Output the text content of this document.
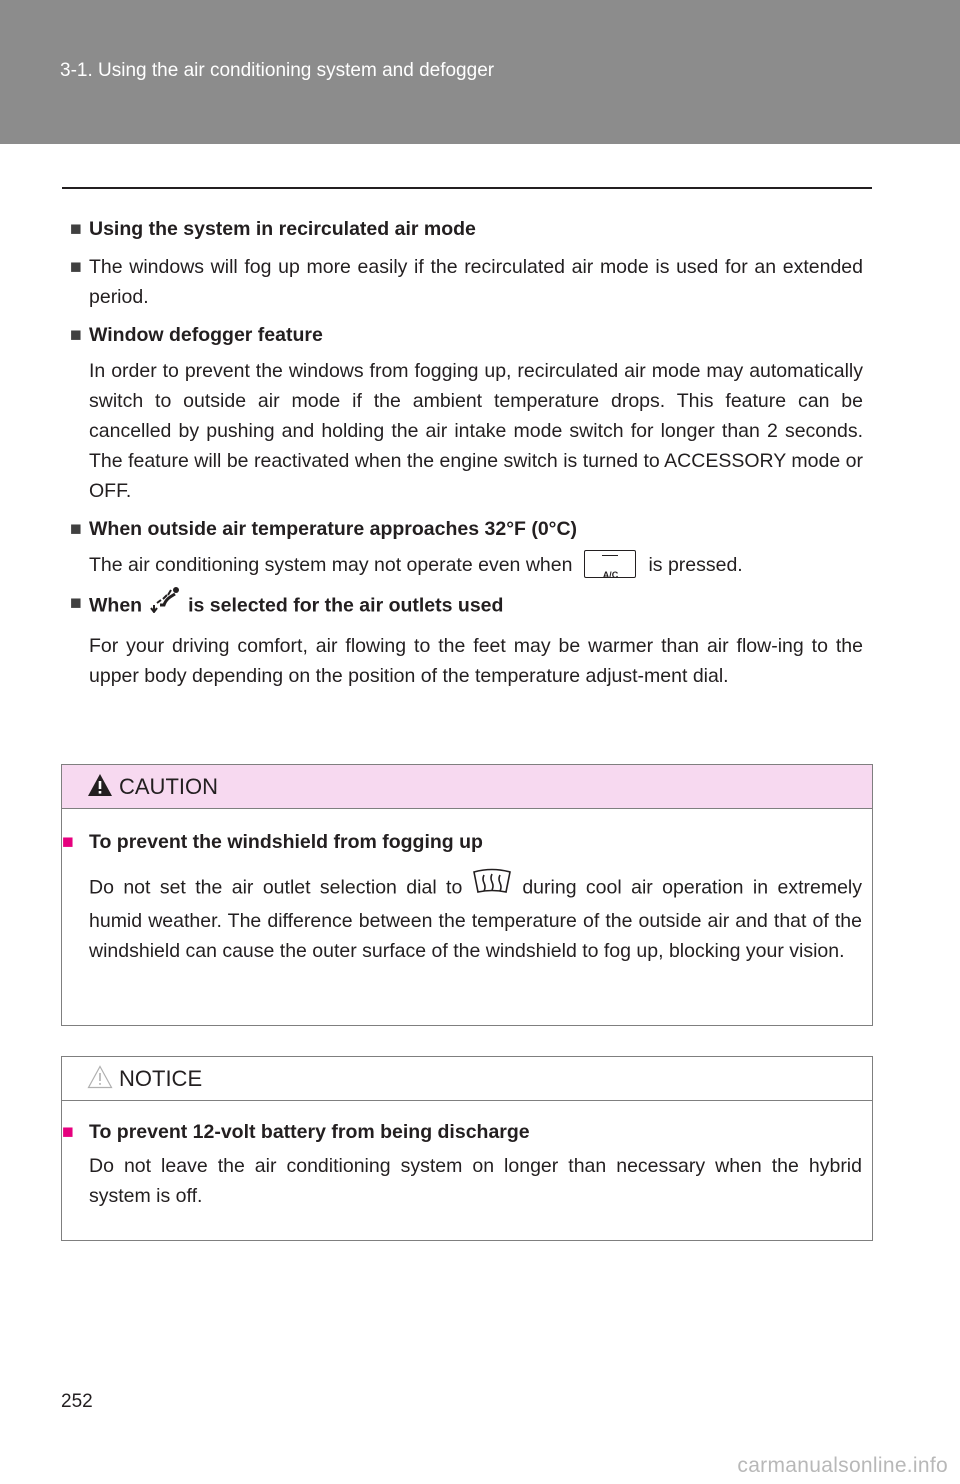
3-1. Using the air conditioning system and defogger
■ Using the system in recirculated air mode

■ The windows will fog up more easily if the recirculated air mode is used for an extended period.

■ Window defogger feature

In order to prevent the windows from fogging up, recirculated air mode may automatically switch to outside air mode if the ambient temperature drops. This feature can be cancelled by pushing and holding the air intake mode switch for longer than 2 seconds. The feature will be reactivated when the engine switch is turned to ACCESSORY mode or OFF.

■ When outside air temperature approaches 32°F (0°C)

The air conditioning system may not operate even when	A/C	is pressed.

■ When is selected for the air outlets used

For your driving comfort, air flowing to the feet may be warmer than air flow-ing to the upper body depending on the position of the temperature adjust-ment dial.

CAUTION
■ To prevent the windshield from fogging up

Do not set the air outlet selection dial to	during cool air operation in extremely humid weather. The difference between the temperature of the outside air and that of the windshield can cause the outer surface of the windshield to fog up, blocking your vision.

NOTICE
■ To prevent 12-volt battery from being discharge

Do not leave the air conditioning system on longer than necessary when the hybrid system is off.

252
carmanualsonline.info
